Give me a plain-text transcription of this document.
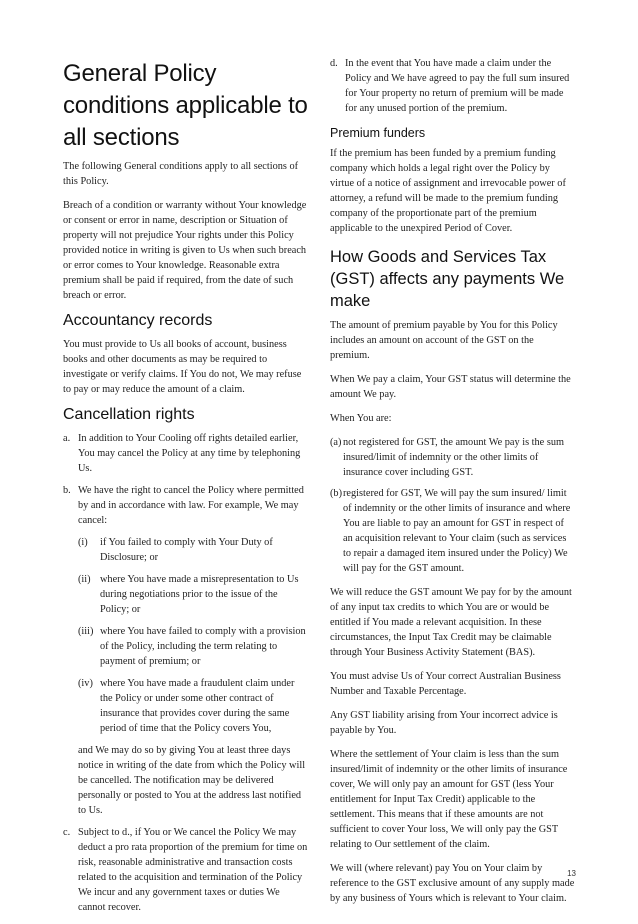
General Policy conditions applicable to all sections

The following General conditions apply to all sections of this Policy.

Breach of a condition or warranty without Your knowledge or consent or error in name, description or Situation of property will not prejudice Your rights under this Policy provided notice in writing is given to Us when such breach or error comes to Your knowledge. Reasonable extra premium shall be paid if required, from the date of such breach or error.

Accountancy records

You must provide to Us all books of account, business books and other documents as may be required to investigate or verify claims. If You do not, We may refuse to pay or may reduce the amount of a claim.

Cancellation rights
a. In addition to Your Cooling off rights detailed earlier, You may cancel the Policy at any time by telephoning Us.
b. We have the right to cancel the Policy where permitted by and in accordance with law. For example, We may cancel:
(i) if You failed to comply with Your Duty of Disclosure; or
(ii) where You have made a misrepresentation to Us during negotiations prior to the issue of the Policy; or
(iii) where You have failed to comply with a provision of the Policy, including the term relating to payment of premium; or
(iv) where You have made a fraudulent claim under the Policy or under some other contract of insurance that provides cover during the same period of time that the Policy covers You,

and We may do so by giving You at least three days notice in writing of the date from which the Policy will be cancelled. The notification may be delivered personally or posted to You at the address last notified to Us.

c. Subject to d., if You or We cancel the Policy We may deduct a pro rata proportion of the premium for time on risk, reasonable administrative and transaction costs related to the acquisition and termination of the Policy We incur and any government taxes or duties We cannot recover.
d. In the event that You have made a claim under the Policy and We have agreed to pay the full sum insured for Your property no return of premium will be made for any unused portion of the premium.
Premium funders

If the premium has been funded by a premium funding company which holds a legal right over the Policy by virtue of a notice of assignment and irrevocable power of attorney, a refund will be made to the premium funding company of the proportionate part of the premium applicable to the unexpired Period of Cover.

How Goods and Services Tax (GST) affects any payments We make

The amount of premium payable by You for this Policy includes an amount on account of the GST on the premium.

When We pay a claim, Your GST status will determine the amount We pay.

When You are:

(a) not registered for GST, the amount We pay is the sum insured/limit of indemnity or the other limits of insurance cover including GST.
(b) registered for GST, We will pay the sum insured/ limit of indemnity or the other limits of insurance and where You are liable to pay an amount for GST in respect of an acquisition relevant to Your claim (such as services to repair a damaged item insured under the Policy) We will pay for the GST amount.

We will reduce the GST amount We pay for by the amount of any input tax credits to which You are or would be entitled if You made a relevant acquisition. In these circumstances, the Input Tax Credit may be claimable through Your Business Activity Statement (BAS).

You must advise Us of Your correct Australian Business Number and Taxable Percentage.

Any GST liability arising from Your incorrect advice is payable by You.

Where the settlement of Your claim is less than the sum insured/limit of indemnity or the other limits of insurance cover, We will only pay an amount for GST (less Your entitlement for Input Tax Credit) applicable to the settlement. This means that if these amounts are not sufficient to cover Your loss, We will only pay the GST relating to Our settlement of the claim.

We will (where relevant) pay You on Your claim by reference to the GST exclusive amount of any supply made by any business of Yours which is relevant to Your claim.

13
